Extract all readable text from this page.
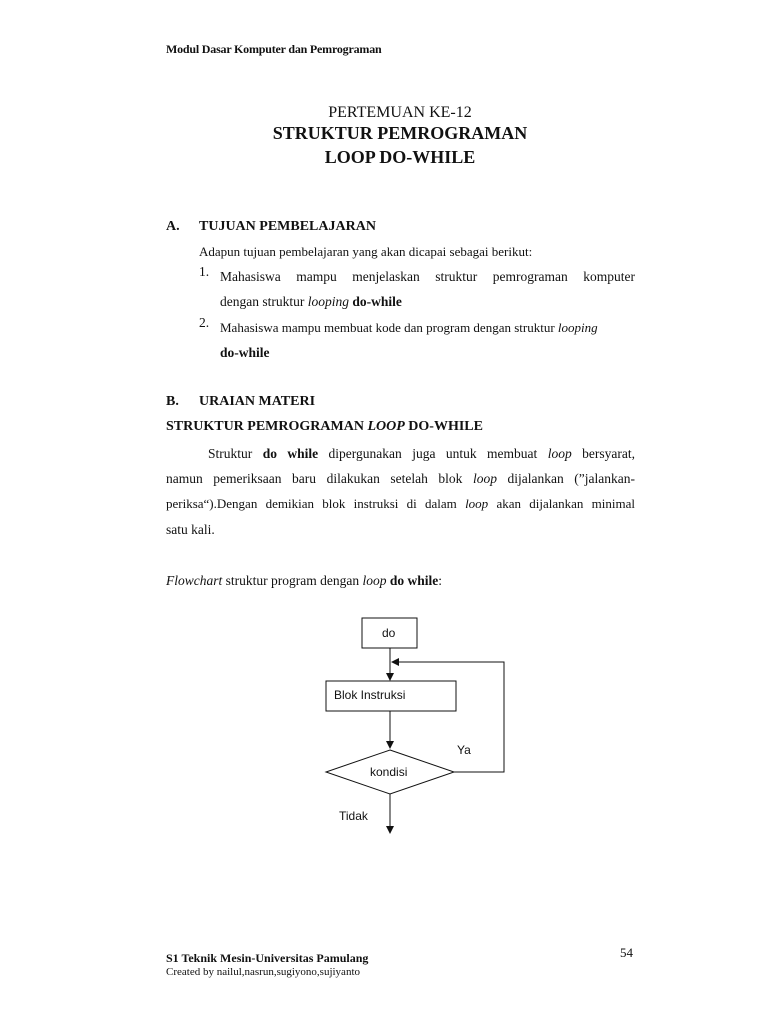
Modul Dasar Komputer dan Pemrograman
PERTEMUAN KE-12
STRUKTUR PEMROGRAMAN
LOOP DO-WHILE
A. TUJUAN PEMBELAJARAN
Adapun tujuan pembelajaran yang akan dicapai sebagai berikut:
1. Mahasiswa mampu menjelaskan struktur pemrograman komputer
dengan struktur looping do-while
2. Mahasiswa mampu membuat kode dan program dengan struktur looping
do-while
B. URAIAN MATERI
STRUKTUR PEMROGRAMAN LOOP DO-WHILE
Struktur do while dipergunakan juga untuk membuat loop bersyarat,
namun pemeriksaan baru dilakukan setelah blok loop dijalankan (”jalankan-
periksa“).Dengan demikian blok instruksi di dalam loop akan dijalankan minimal
satu kali.
Flowchart struktur program dengan loop do while:
do
Blok Instruksi
kondisi
Ya
Tidak
S1 Teknik Mesin-Universitas Pamulang
Created by nailul,nasrun,sugiyono,sujiyanto
54
